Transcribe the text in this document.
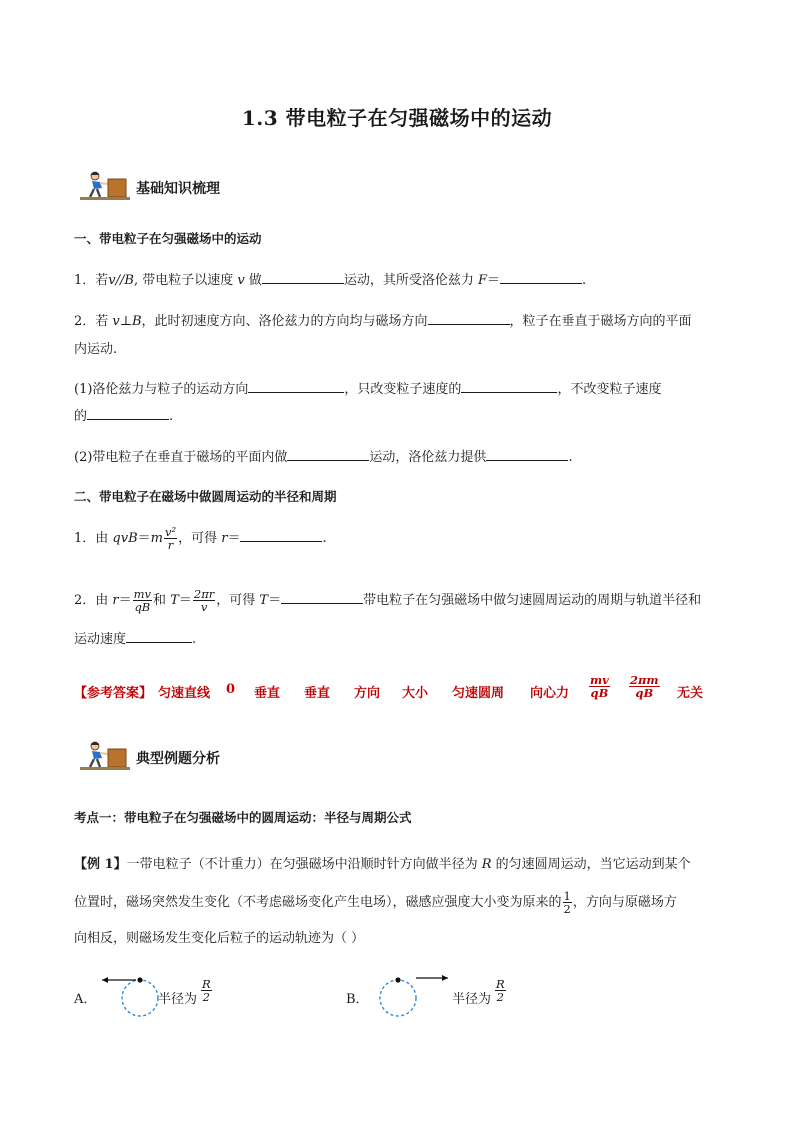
1.3 带电粒子在匀强磁场中的运动
基础知识梳理
一、带电粒子在匀强磁场中的运动
1．若v//B, 带电粒子以速度 v 做	运动，其所受洛伦兹力 F＝	.
2．若 v⊥B，此时初速度方向、洛伦兹力的方向均与磁场方向	，粒子在垂直于磁场方向的平面
内运动.
(1)洛伦兹力与粒子的运动方向	，只改变粒子速度的	，不改变粒子速度
的	.
(2)带电粒子在垂直于磁场的平面内做	运动，洛伦兹力提供	.
二、带电粒子在磁场中做圆周运动的半径和周期
1．由 $qvB=m \frac{\text{v²}}{r}$ ，可得 r＝	.
2．由 $r= \frac{mv}{qB}$ 和 $T= \frac{2\pi r}{v}$ ，可得 T＝	带电粒子在匀强磁场中做匀速圆周运动的周期与轨道半径和
运动速度	.
【参考答案】 匀速直线 0 垂直 垂直 方向 大小 匀速圆周 向心力 $\frac{mv}{qB} \frac{2\pi m}{qB}$ 无关
典型例题分析
考点一：带电粒子在匀强磁场中的圆周运动：半径与周期公式
【例 1】一带电粒子（不计重力）在匀强磁场中沿顺时针方向做半径为 R 的匀速圆周运动，当它运动到某个
位置时，磁场突然发生变化（不考虑磁场变化产生电场），磁感应强度大小变为原来的 $\frac{1}{2}$ ，方向与原磁场方
向相反，则磁场发生变化后粒子的运动轨迹为（ ）
A．	半径为 $\frac{R}{2}$	B．	半径为 $\frac{R}{2}$
